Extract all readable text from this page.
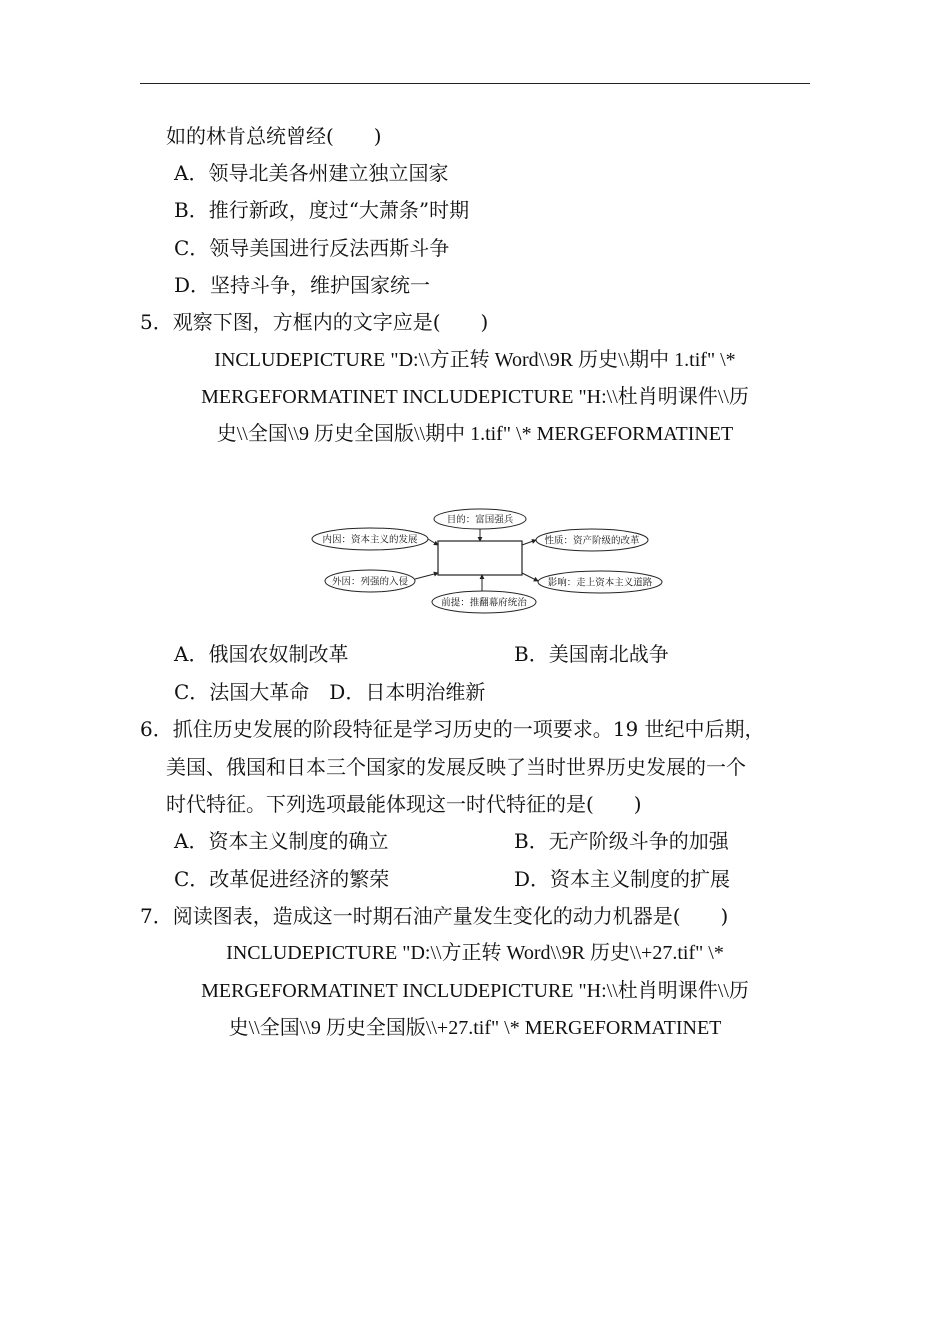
如的林肯总统曾经(　　)
A．领导北美各州建立独立国家
B．推行新政，度过“大萧条”时期
C．领导美国进行反法西斯斗争
D．坚持斗争，维护国家统一
5．观察下图，方框内的文字应是(　　)
INCLUDEPICTURE "D:\\方正转 Word\\9R 历史\\期中 1.tif" \*
MERGEFORMATINET INCLUDEPICTURE "H:\\杜肖明课件\\历
史\\全国\\9 历史全国版\\期中 1.tif" \* MERGEFORMATINET
目的：富国强兵
内因：资本主义的发展
外因：列强的入侵
性质：资产阶级的改革
影响：走上资本主义道路
前提：推翻幕府统治
A．俄国农奴制改革	B．美国南北战争
C．法国大革命　D．日本明治维新
6．抓住历史发展的阶段特征是学习历史的一项要求。19 世纪中后期，
美国、俄国和日本三个国家的发展反映了当时世界历史发展的一个
时代特征。下列选项最能体现这一时代特征的是(　　)
A．资本主义制度的确立	B．无产阶级斗争的加强
C．改革促进经济的繁荣	D．资本主义制度的扩展
7．阅读图表，造成这一时期石油产量发生变化的动力机器是(　　)
INCLUDEPICTURE "D:\\方正转 Word\\9R 历史\\+27.tif" \*
MERGEFORMATINET INCLUDEPICTURE "H:\\杜肖明课件\\历
史\\全国\\9 历史全国版\\+27.tif" \* MERGEFORMATINET
